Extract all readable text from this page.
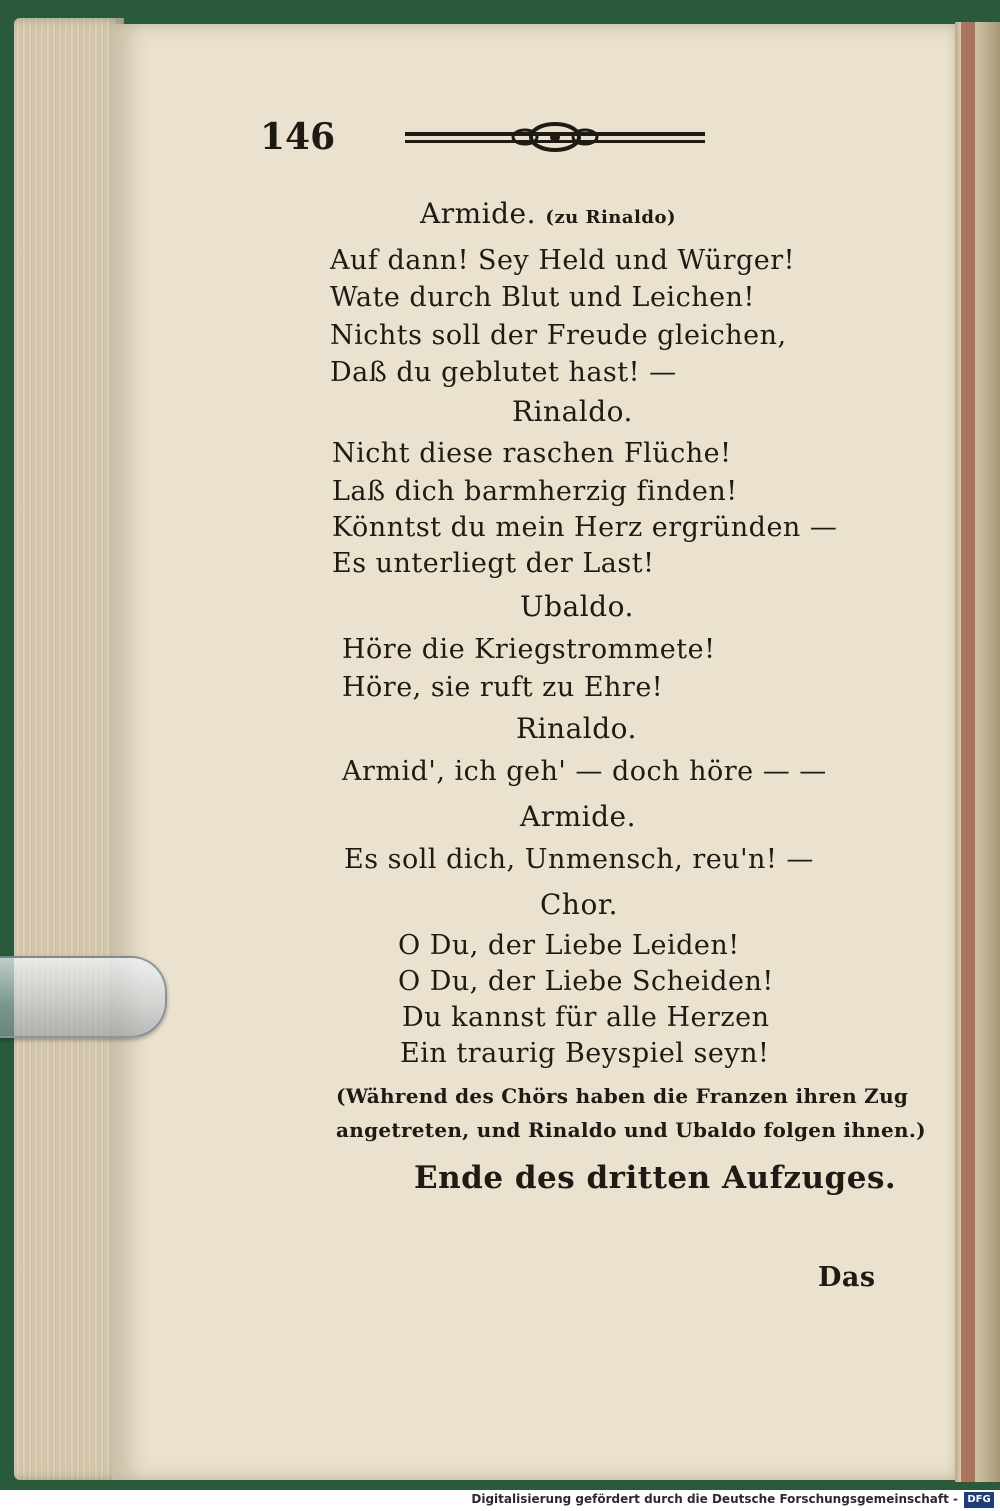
146
Armide. (zu Rinaldo)
Auf dann! Sey Held und Würger!
Wate durch Blut und Leichen!
Nichts soll der Freude gleichen,
Daß du geblutet hast! —
Rinaldo.
Nicht diese raschen Flüche!
Laß dich barmherzig finden!
Könntst du mein Herz ergründen —
Es unterliegt der Last!
Ubaldo.
Höre die Kriegstrommete!
Höre, sie ruft zu Ehre!
Rinaldo.
Armid', ich geh' — doch höre — —
Armide.
Es soll dich, Unmensch, reu'n! —
Chor.
O Du, der Liebe Leiden!
O Du, der Liebe Scheiden!
Du kannst für alle Herzen
Ein traurig Beyspiel seyn!
(Während des Chörs haben die Franzen ihren Zug
angetreten, und Rinaldo und Ubaldo folgen ihnen.)
Ende des dritten Aufzuges.
Das
Digitalisierung gefördert durch die Deutsche Forschungsgemeinschaft - DFG
